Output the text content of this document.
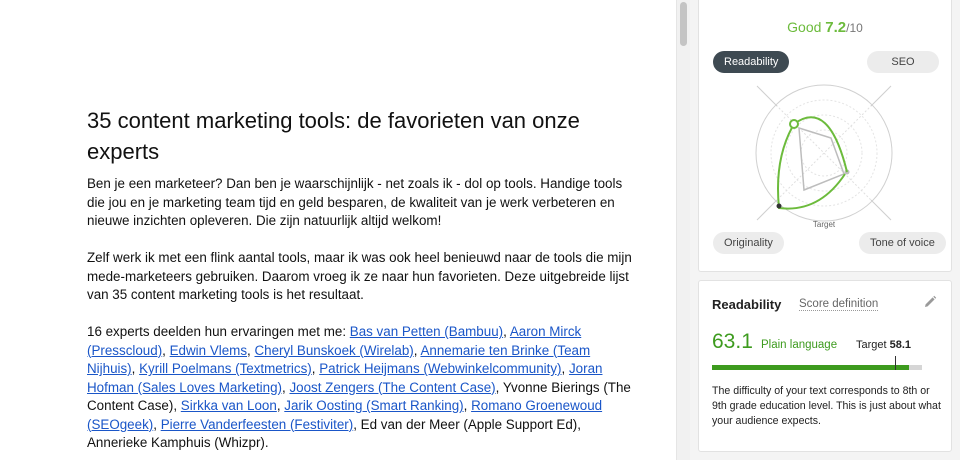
35 content marketing tools: de favorieten van onze experts

Ben je een marketeer? Dan ben je waarschijnlijk - net zoals ik - dol op tools. Handige tools die jou en je marketing team tijd en geld besparen, de kwaliteit van je werk verbeteren en nieuwe inzichten opleveren. Die zijn natuurlijk altijd welkom!

Zelf werk ik met een flink aantal tools, maar ik was ook heel benieuwd naar de tools die mijn mede-marketeers gebruiken. Daarom vroeg ik ze naar hun favorieten. Deze uitgebreide lijst van 35 content marketing tools is het resultaat.

16 experts deelden hun ervaringen met me: Bas van Petten (Bambuu), Aaron Mirck (Presscloud), Edwin Vlems, Cheryl Bunskoek (Wirelab), Annemarie ten Brinke (Team Nijhuis), Kyrill Poelmans (Textmetrics), Patrick Heijmans (Webwinkelcommunity), Joran Hofman (Sales Loves Marketing), Joost Zengers (The Content Case), Yvonne Bierings (The Content Case), Sirkka van Loon, Jarik Oosting (Smart Ranking), Romano Groenewoud (SEOgeek), Pierre Vanderfeesten (Festiviter), Ed van der Meer (Apple Support Ed), Annerieke Kamphuis (Whizpr).

Good 7.2/10
Readability	SEO
Target
Originality	Tone of voice
Readability Score definition
63.1 Plain language Target 58.1
The difficulty of your text corresponds to 8th or 9th grade education level. This is just about what your audience expects.
